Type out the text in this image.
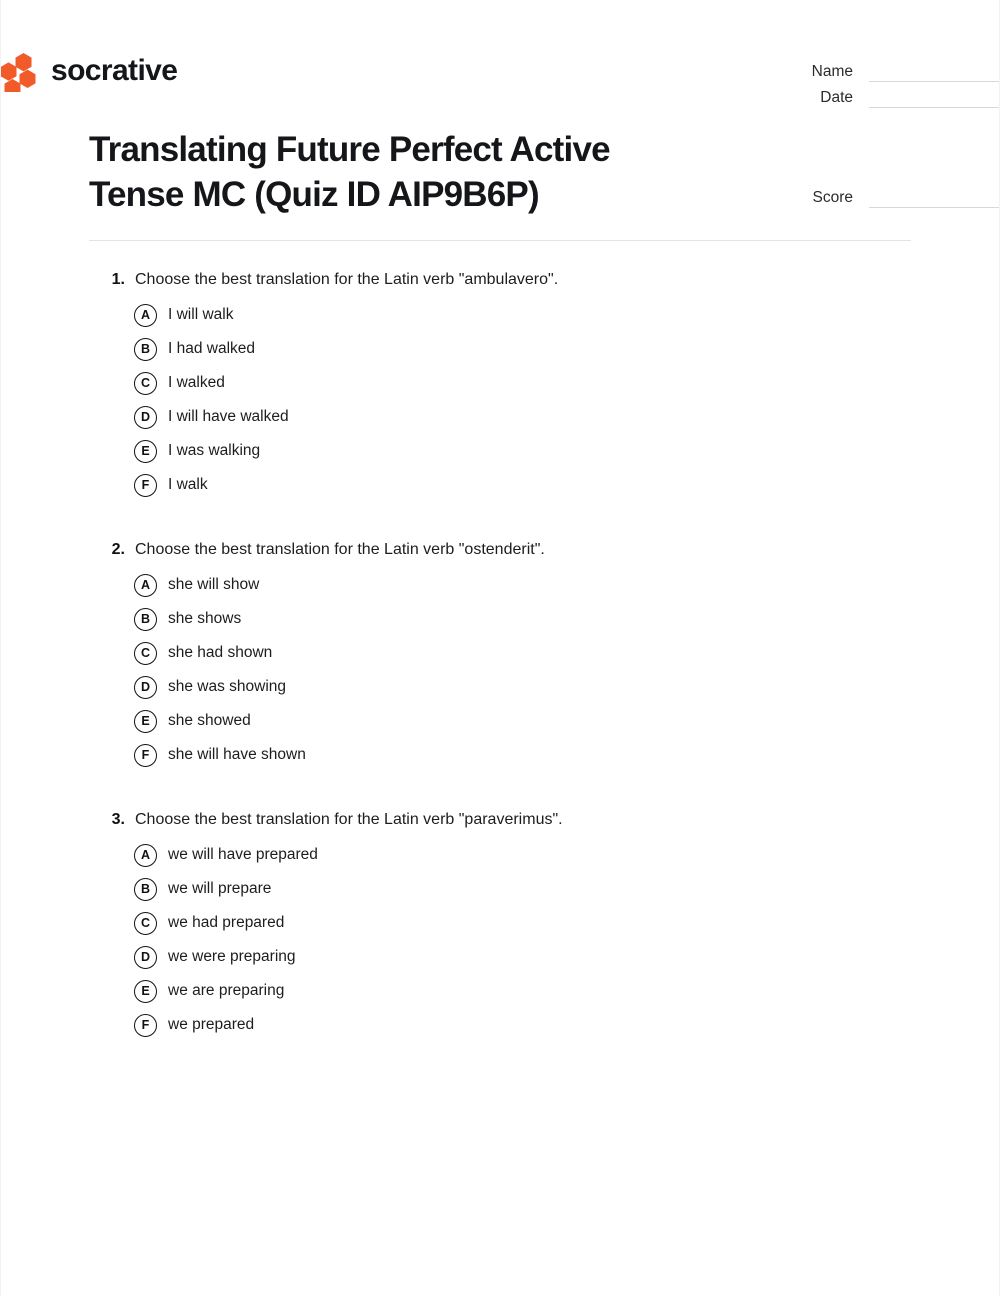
socrative	Name
Date
Score
Translating Future Perfect Active Tense MC (Quiz ID AIP9B6P)
1. Choose the best translation for the Latin verb "ambulavero".
A	I will walk
B	I had walked
C	I walked
D	I will have walked
E	I was walking
F	I walk
2. Choose the best translation for the Latin verb "ostenderit".
A	she will show
B	she shows
C	she had shown
D	she was showing
E	she showed
F	she will have shown
3. Choose the best translation for the Latin verb "paraverimus".
A	we will have prepared
B	we will prepare
C	we had prepared
D	we were preparing
E	we are preparing
F	we prepared
